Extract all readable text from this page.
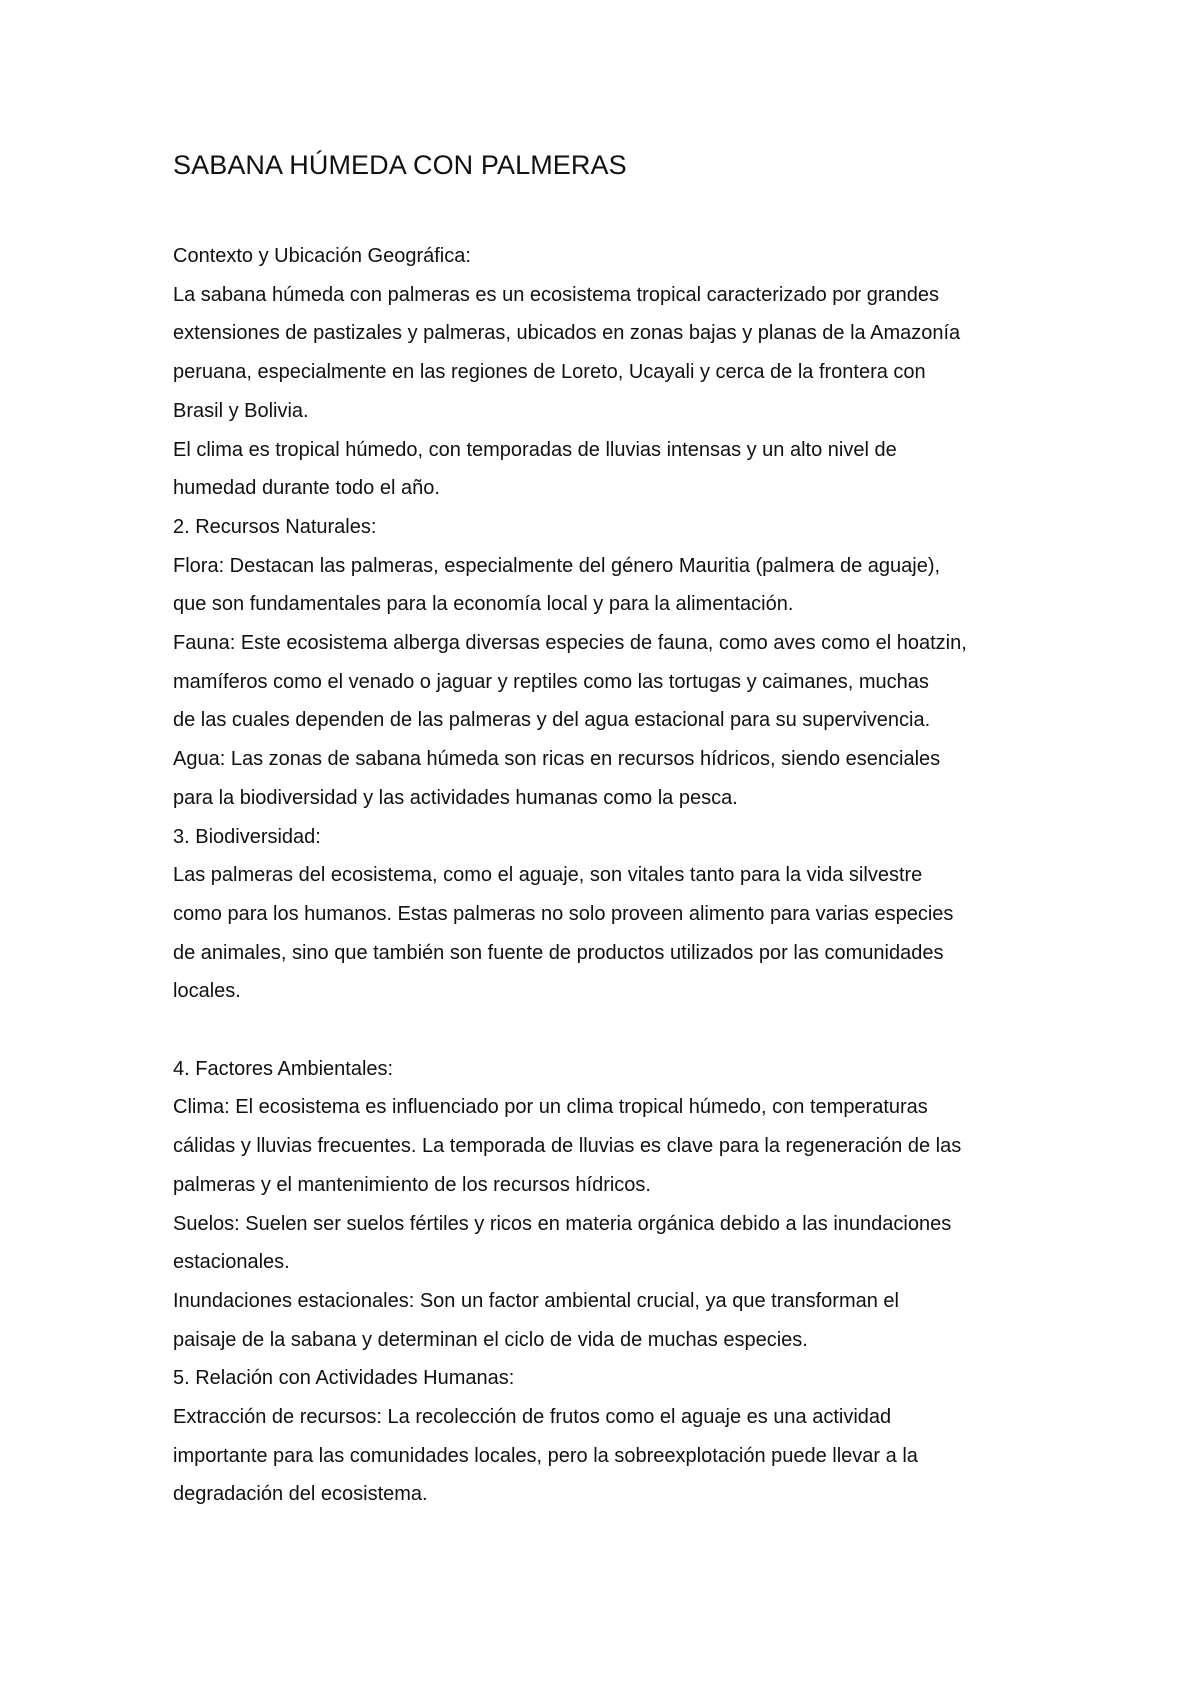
SABANA HÚMEDA CON PALMERAS

Contexto y Ubicación Geográfica:

La sabana húmeda con palmeras es un ecosistema tropical caracterizado por grandes

extensiones de pastizales y palmeras, ubicados en zonas bajas y planas de la Amazonía

peruana, especialmente en las regiones de Loreto, Ucayali y cerca de la frontera con

Brasil y Bolivia.

El clima es tropical húmedo, con temporadas de lluvias intensas y un alto nivel de

humedad durante todo el año.

2. Recursos Naturales:

Flora: Destacan las palmeras, especialmente del género Mauritia (palmera de aguaje),

que son fundamentales para la economía local y para la alimentación.

Fauna: Este ecosistema alberga diversas especies de fauna, como aves como el hoatzin,

mamíferos como el venado o jaguar y reptiles como las tortugas y caimanes, muchas

de las cuales dependen de las palmeras y del agua estacional para su supervivencia.

Agua: Las zonas de sabana húmeda son ricas en recursos hídricos, siendo esenciales

para la biodiversidad y las actividades humanas como la pesca.

3. Biodiversidad:

Las palmeras del ecosistema, como el aguaje, son vitales tanto para la vida silvestre

como para los humanos. Estas palmeras no solo proveen alimento para varias especies

de animales, sino que también son fuente de productos utilizados por las comunidades

locales.

4. Factores Ambientales:

Clima: El ecosistema es influenciado por un clima tropical húmedo, con temperaturas

cálidas y lluvias frecuentes. La temporada de lluvias es clave para la regeneración de las

palmeras y el mantenimiento de los recursos hídricos.

Suelos: Suelen ser suelos fértiles y ricos en materia orgánica debido a las inundaciones

estacionales.

Inundaciones estacionales: Son un factor ambiental crucial, ya que transforman el

paisaje de la sabana y determinan el ciclo de vida de muchas especies.

5. Relación con Actividades Humanas:

Extracción de recursos: La recolección de frutos como el aguaje es una actividad

importante para las comunidades locales, pero la sobreexplotación puede llevar a la

degradación del ecosistema.
